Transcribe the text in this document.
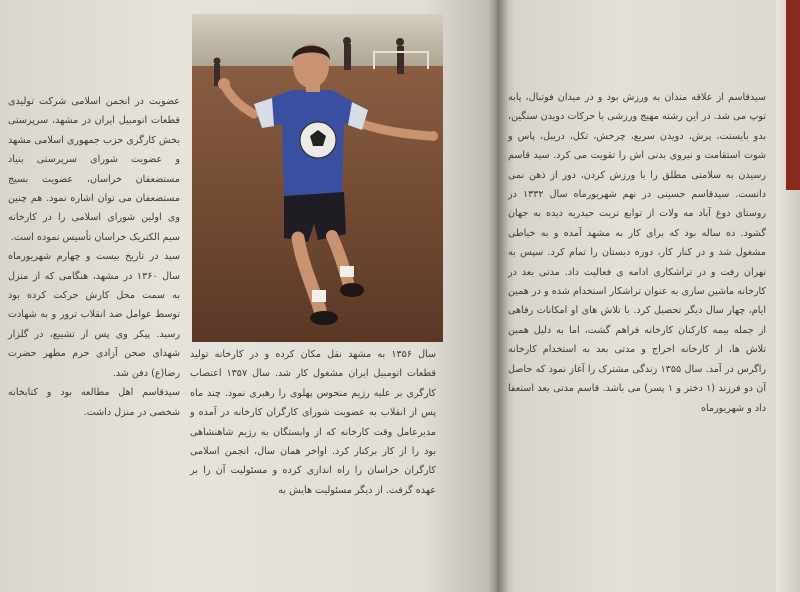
عضویت در انجمن اسلامی شرکت تولیدی قطعات اتومبیل ایران در مشهد، سرپرستی بخش کارگری حزب جمهوری اسلامی مشهد و عضویت شورای سرپرستی بنیاد مستضعفان خراسان، عضویت بسیج مستضعفان می توان اشاره نمود. هم چنین وی اولین شورای اسلامی را در کارخانه سیم الکتریک خراسان تأسیس نموده است.

سید در تاریخ بیست و چهارم شهریورماه سال ۱۳۶۰ در مشهد، هنگامی که از منزل به سمت محل کارش حرکت کرده بود توسط عوامل ضد انقلاب ترور و به شهادت رسید. پیکر وی پس از تشییع، در گلزار شهدای صحن آزادی حرم مطهر حضرت رضا(ع) دفن شد.

سیدقاسم اهل مطالعه بود و کتابخانه شخصی در منزل داشت.

سال ۱۳۵۶ به مشهد نقل مکان کرده و در کارخانه تولید قطعات اتومبیل ایران مشغول کار شد. سال ۱۳۵۷ اعتصاب کارگری بر علیه رژیم منحوس پهلوی را رهبری نمود. چند ماه پس از انقلاب به عضویت شورای کارگران کارخانه در آمده و مدیرعامل وقت کارخانه که از وابستگان به رژیم شاهنشاهی بود را از کار برکنار کرد. اواخر همان سال، انجمن اسلامی کارگران خراسان را راه اندازی کرده و مسئولیت آن را بر عهده گرفت. از دیگر مسئولیت هایش به

سیدقاسم از علاقه مندان به ورزش بود و در میدان فوتبال، پابه توپ می شد. در این رشته مهیج ورزشی با حرکات دویدن سنگین، بدو بایستت، پرش، دویدن سریع، چرخش، تکل، دریبل، پاس و شوت استقامت و نیروی بدنی اش را تقویت می کرد. سید قاسم رسیدن به سلامتی مطلق را با ورزش کردن، دور از ذهن نمی دانست. سیدقاسم حسینی در نهم شهریورماه سال ۱۳۳۲ در روستای دوغ آباد مه ولات از توابع تربت حیدریه دیده به جهان گشود. ده ساله بود که برای کار به مشهد آمده و به خیاطی مشغول شد و در کنار کار، دوره دبستان را تمام کرد. سپس به تهران رفت و در تراشکاری ادامه ی فعالیت داد. مدتی بعد در کارخانه ماشین سازی به عنوان تراشکار استخدام شده و در همین ایام، چهار سال دیگر تحصیل کرد. با تلاش های او امکانات رفاهی از جمله بیمه کارکنان کارخانه فراهم گشت، اما به دلیل همین تلاش ها، از کارخانه اخراج و مدتی بعد به استخدام کارخانه راگرس در آمد. سال ۱۳۵۵ زندگی مشترک را آغاز نمود که حاصل آن دو فرزند (۱ دختر و ۱ پسر) می باشد. قاسم مدتی بعد استعفا داد و شهریورماه
